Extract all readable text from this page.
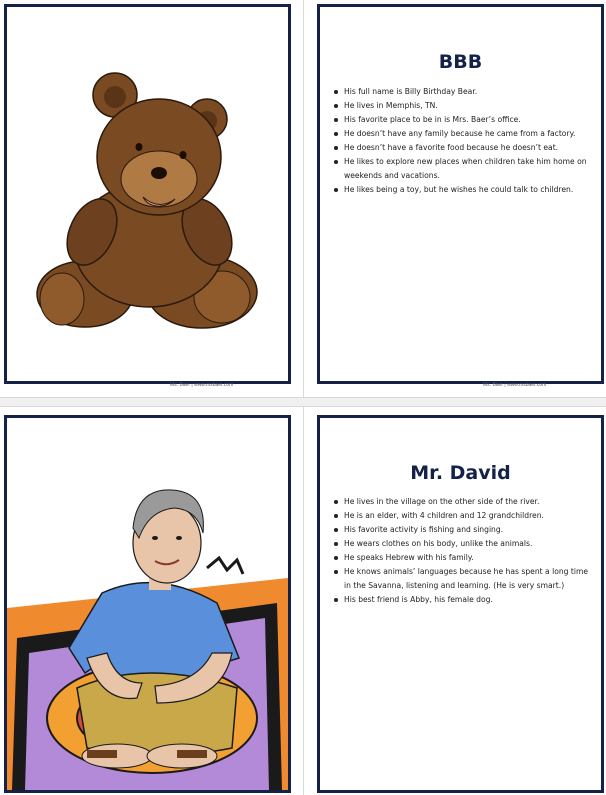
BBB
His full name is Billy Birthday Bear.
He lives in Memphis, TN.
His favorite place to be in is Mrs. Baer’s office.
He doesn’t have any family because he came from a factory.
He doesn’t have a favorite food because he doesn’t eat.
He likes to explore new places when children take him home on weekends and vacations.
He likes being a toy, but he wishes he could talk to children.
Ms. Baer | www.msbaer.com	Ms. Baer | www.msbaer.com
Mr. David
He lives in the village on the other side of the river.
He is an elder, with 4 children and 12 grandchildren.
His favorite activity is fishing and singing.
He wears clothes on his body, unlike the animals.
He speaks Hebrew with his family.
He knows animals’ languages because he has spent a long time in the Savanna, listening and learning. (He is very smart.)
His best friend is Abby, his female dog.
